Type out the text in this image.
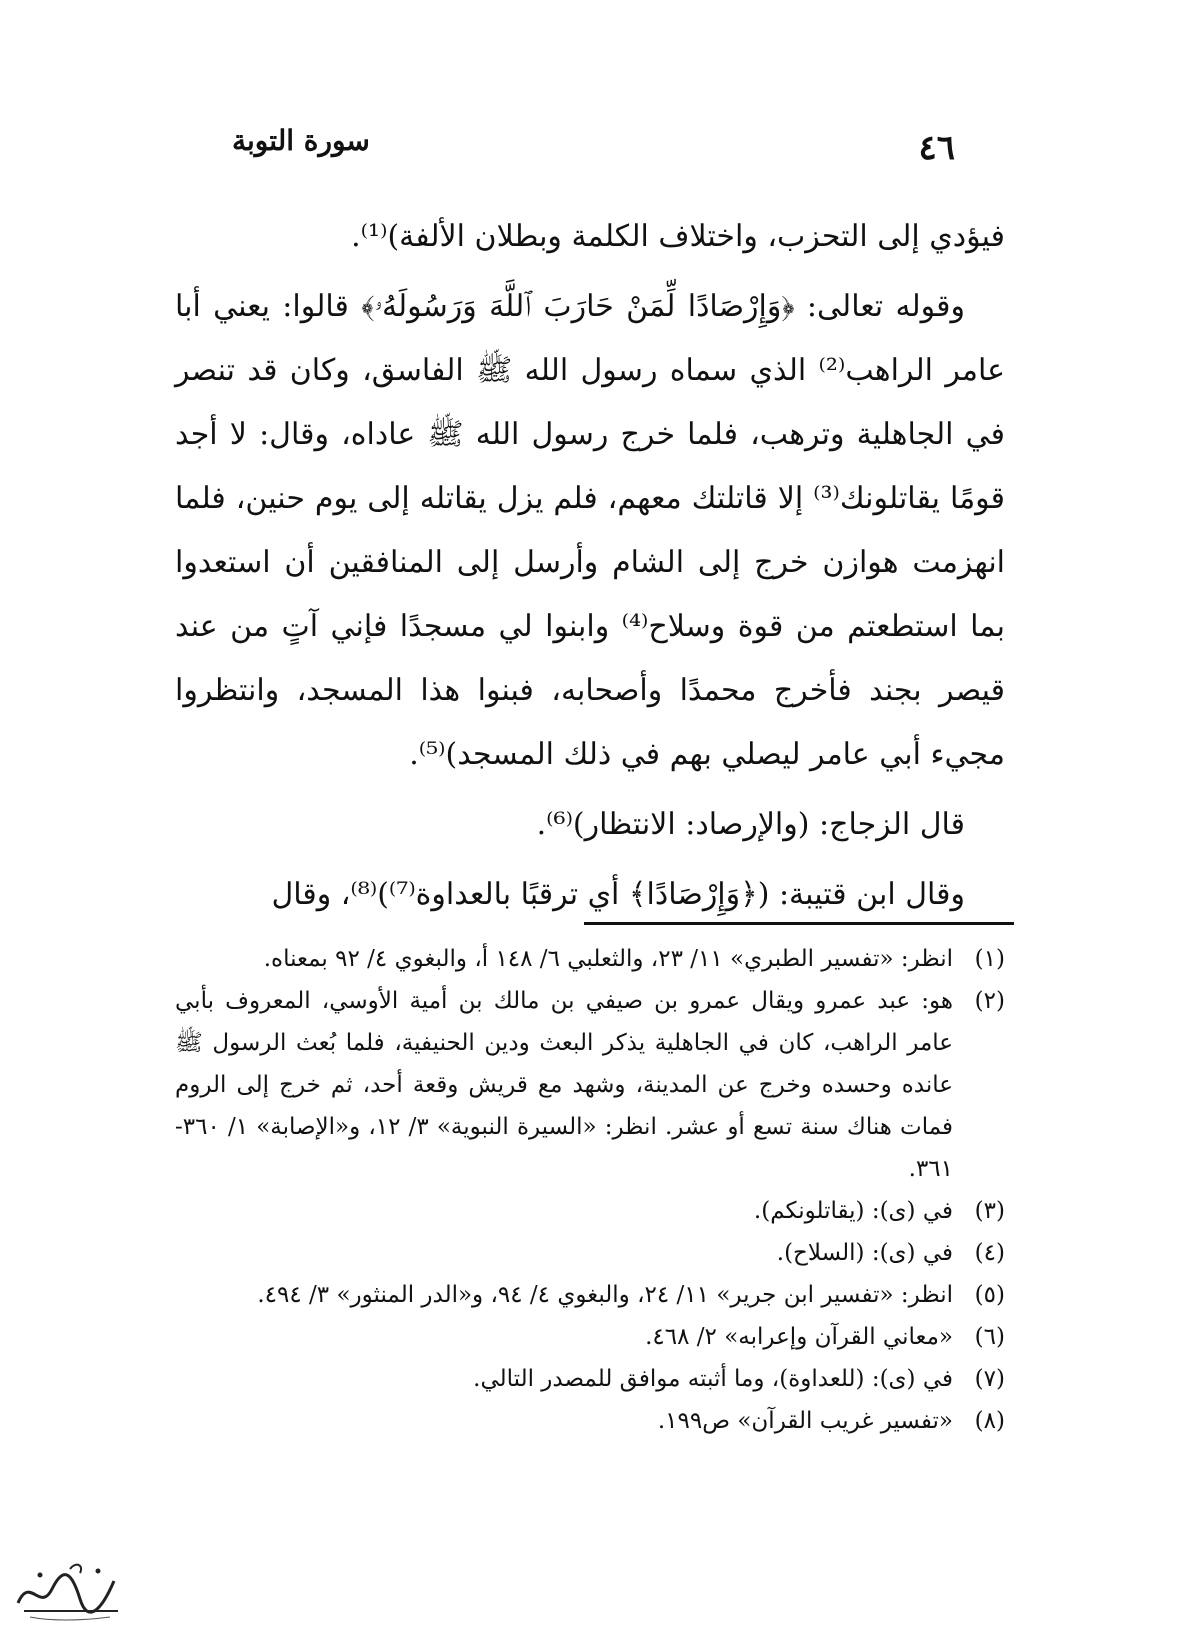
٤٦
سورة التوبة

فيؤدي إلى التحزب، واختلاف الكلمة وبطلان الألفة)⁽¹⁾.

وقوله تعالى: ﴿وَإِرْصَادًا لِّمَنْ حَارَبَ ٱللَّهَ وَرَسُولَهُۥ﴾ قالوا: يعني أبا عامر الراهب⁽²⁾ الذي سماه رسول الله ﷺ الفاسق، وكان قد تنصر في الجاهلية وترهب، فلما خرج رسول الله ﷺ عاداه، وقال: لا أجد قومًا يقاتلونك⁽³⁾ إلا قاتلتك معهم، فلم يزل يقاتله إلى يوم حنين، فلما انهزمت هوازن خرج إلى الشام وأرسل إلى المنافقين أن استعدوا بما استطعتم من قوة وسلاح⁽⁴⁾ وابنوا لي مسجدًا فإني آتٍ من عند قيصر بجند فأخرج محمدًا وأصحابه، فبنوا هذا المسجد، وانتظروا مجيء أبي عامر ليصلي بهم في ذلك المسجد)⁽⁵⁾.

قال الزجاج: (والإرصاد: الانتظار)⁽⁶⁾.

وقال ابن قتيبة: (﴿وَإِرْصَادًا﴾ أي ترقبًا بالعداوة⁽⁷⁾)⁽⁸⁾، وقال

(١)
انظر: «تفسير الطبري» ١١/ ٢٣، والثعلبي ٦/ ١٤٨ أ، والبغوي ٤/ ٩٢ بمعناه.
(٢)
هو: عبد عمرو ويقال عمرو بن صيفي بن مالك بن أمية الأوسي، المعروف بأبي عامر الراهب، كان في الجاهلية يذكر البعث ودين الحنيفية، فلما بُعث الرسول ﷺ عانده وحسده وخرج عن المدينة، وشهد مع قريش وقعة أحد، ثم خرج إلى الروم فمات هناك سنة تسع أو عشر. انظر: «السيرة النبوية» ٣/ ١٢، و«الإصابة» ١/ ٣٦٠- ٣٦١.
(٣)
في (ى): (يقاتلونكم).
(٤)
في (ى): (السلاح).
(٥)
انظر: «تفسير ابن جرير» ١١/ ٢٤، والبغوي ٤/ ٩٤، و«الدر المنثور» ٣/ ٤٩٤.
(٦)
«معاني القرآن وإعرابه» ٢/ ٤٦٨.
(٧)
في (ى): (للعداوة)، وما أثبته موافق للمصدر التالي.
(٨)
«تفسير غريب القرآن» ص١٩٩.
